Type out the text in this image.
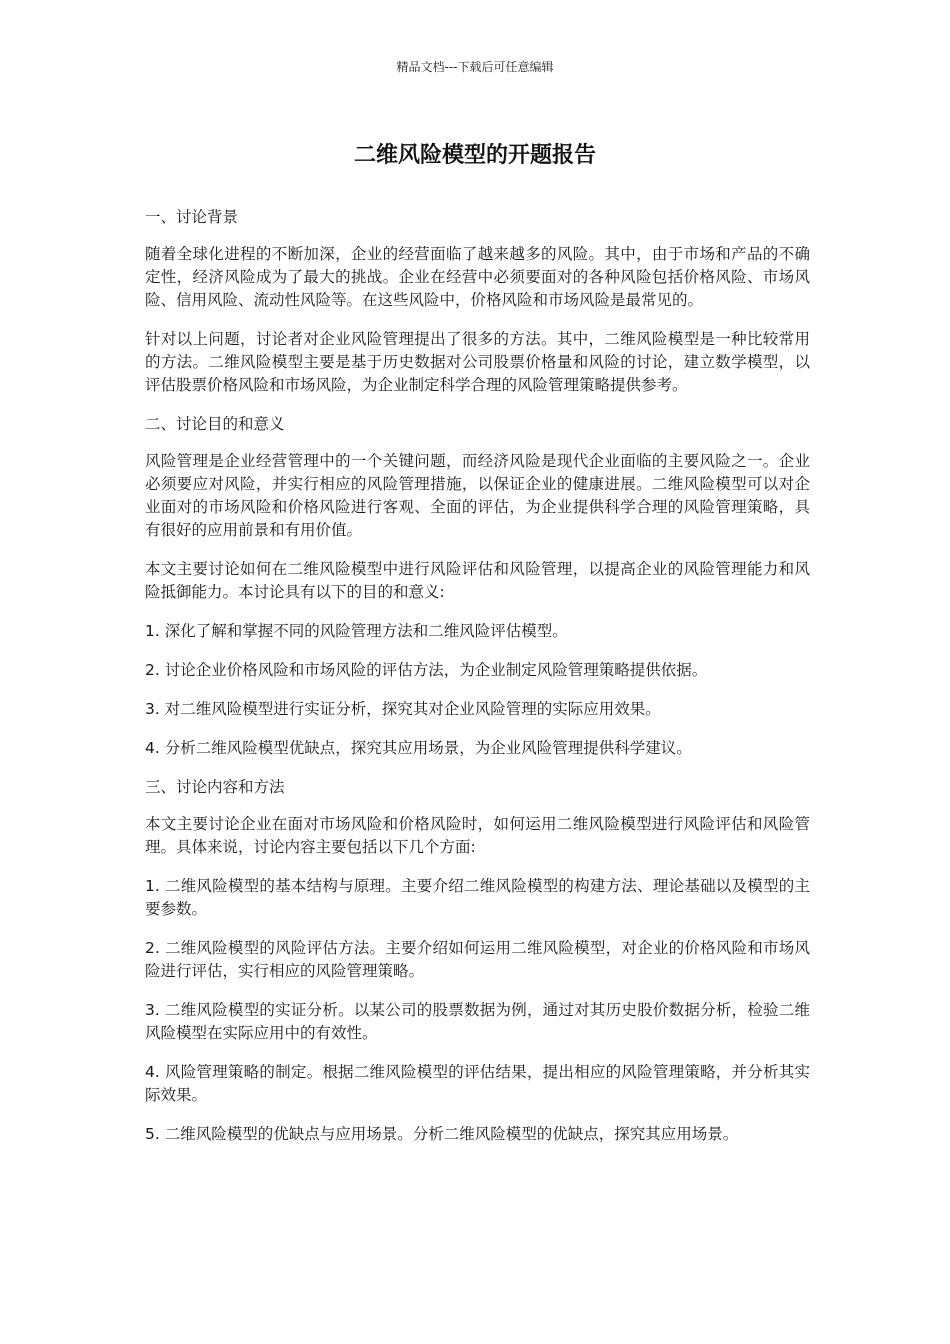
精品文档---下载后可任意编辑
二维风险模型的开题报告
一、讨论背景
随着全球化进程的不断加深，企业的经营面临了越来越多的风险。其中，由于市场和产品的不确定性，经济风险成为了最大的挑战。企业在经营中必须要面对的各种风险包括价格风险、市场风险、信用风险、流动性风险等。在这些风险中，价格风险和市场风险是最常见的。
针对以上问题，讨论者对企业风险管理提出了很多的方法。其中，二维风险模型是一种比较常用的方法。二维风险模型主要是基于历史数据对公司股票价格量和风险的讨论，建立数学模型，以评估股票价格风险和市场风险，为企业制定科学合理的风险管理策略提供参考。
二、讨论目的和意义
风险管理是企业经营管理中的一个关键问题，而经济风险是现代企业面临的主要风险之一。企业必须要应对风险，并实行相应的风险管理措施，以保证企业的健康进展。二维风险模型可以对企业面对的市场风险和价格风险进行客观、全面的评估，为企业提供科学合理的风险管理策略，具有很好的应用前景和有用价值。
本文主要讨论如何在二维风险模型中进行风险评估和风险管理，以提高企业的风险管理能力和风险抵御能力。本讨论具有以下的目的和意义:
1. 深化了解和掌握不同的风险管理方法和二维风险评估模型。
2. 讨论企业价格风险和市场风险的评估方法，为企业制定风险管理策略提供依据。
3. 对二维风险模型进行实证分析，探究其对企业风险管理的实际应用效果。
4. 分析二维风险模型优缺点，探究其应用场景，为企业风险管理提供科学建议。
三、讨论内容和方法
本文主要讨论企业在面对市场风险和价格风险时，如何运用二维风险模型进行风险评估和风险管理。具体来说，讨论内容主要包括以下几个方面:
1. 二维风险模型的基本结构与原理。主要介绍二维风险模型的构建方法、理论基础以及模型的主要参数。
2. 二维风险模型的风险评估方法。主要介绍如何运用二维风险模型，对企业的价格风险和市场风险进行评估，实行相应的风险管理策略。
3. 二维风险模型的实证分析。以某公司的股票数据为例，通过对其历史股价数据分析，检验二维风险模型在实际应用中的有效性。
4. 风险管理策略的制定。根据二维风险模型的评估结果，提出相应的风险管理策略，并分析其实际效果。
5. 二维风险模型的优缺点与应用场景。分析二维风险模型的优缺点，探究其应用场景。
